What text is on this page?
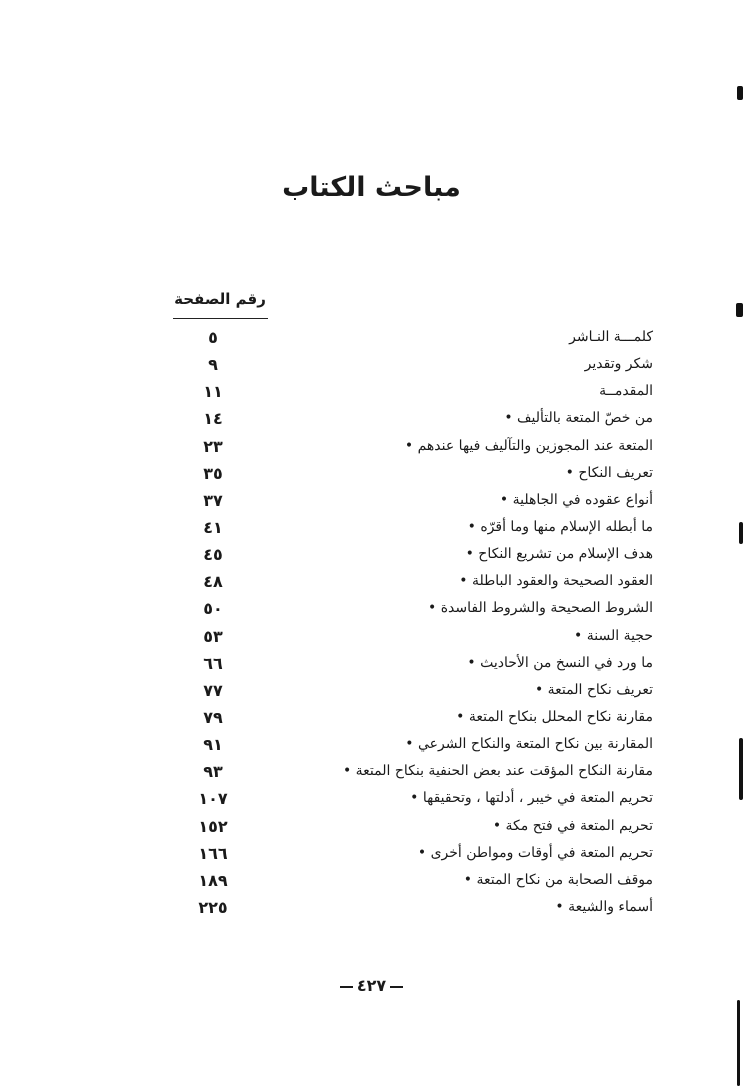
مباحث الكتاب
رقم الصفحة
كلمـــة النـاشر
٥
شكر وتقدير
٩
المقدمــة
١١
من خصّ المتعة بالتأليف •
١٤
المتعة عند المجوزين والتآليف فيها عندهم •
٢٣
تعريف النكاح •
٣٥
أنواع عقوده في الجاهلية •
٣٧
ما أبطله الإسلام منها وما أقرّه •
٤١
هدف الإسلام من تشريع النكاح •
٤٥
العقود الصحيحة والعقود الباطلة •
٤٨
الشروط الصحيحة والشروط الفاسدة •
٥٠
حجية السنة •
٥٣
ما ورد في النسخ من الأحاديث •
٦٦
تعريف نكاح المتعة •
٧٧
مقارنة نكاح المحلل بنكاح المتعة •
٧٩
المقارنة بين نكاح المتعة والنكاح الشرعي •
٩١
مقارنة النكاح المؤقت عند بعض الحنفية بنكاح المتعة •
٩٣
تحريم المتعة في خيبر ، أدلتها ، وتحقيقها •
١٠٧
تحريم المتعة في فتح مكة •
١٥٢
تحريم المتعة في أوقات ومواطن أخرى •
١٦٦
موقف الصحابة من نكاح المتعة •
١٨٩
أسماء والشيعة •
٢٢٥
٤٢٧
